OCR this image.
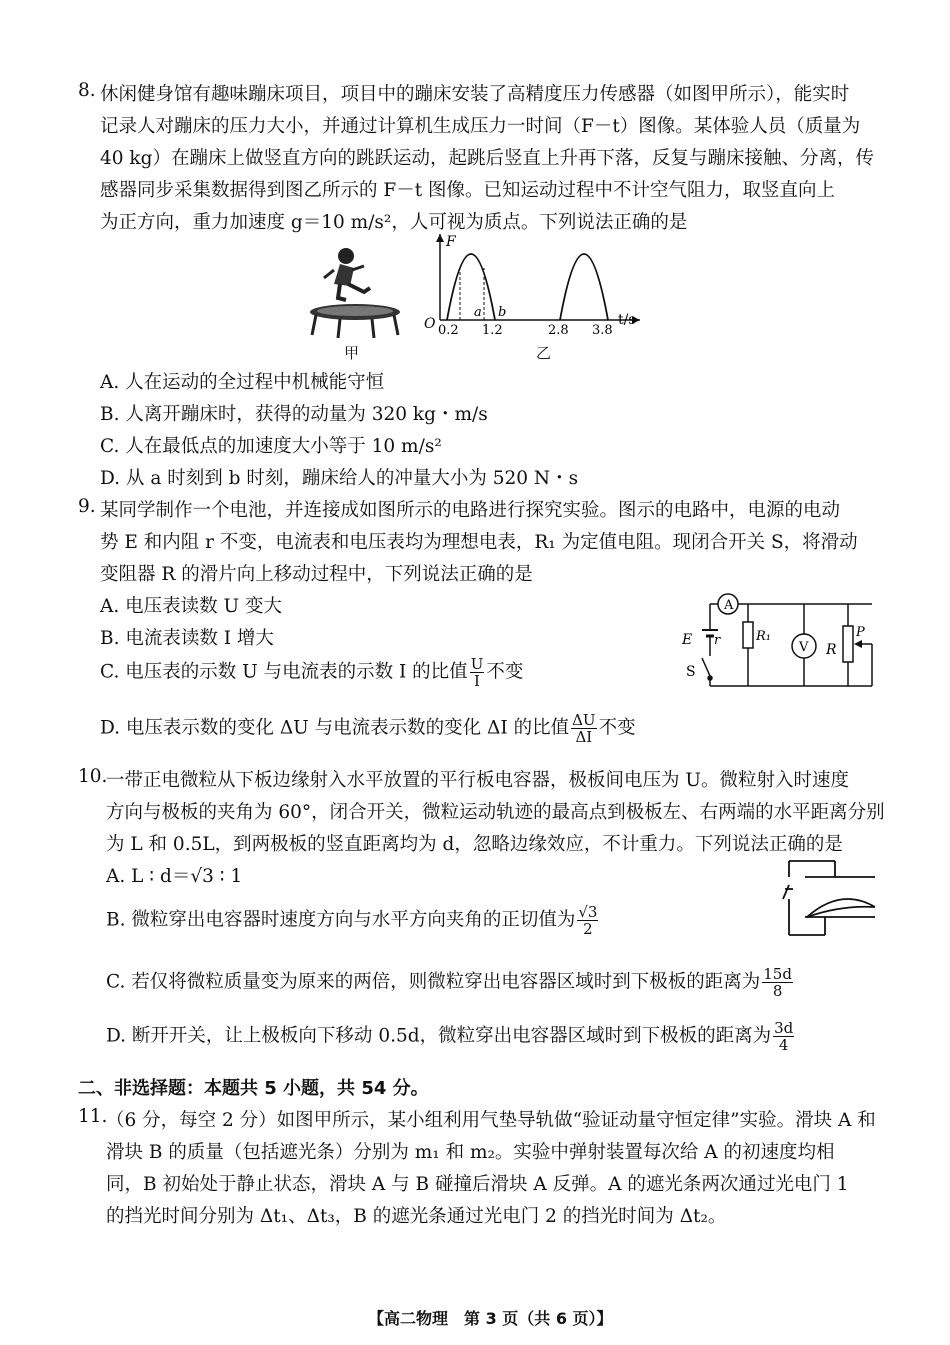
8. 休闲健身馆有趣味蹦床项目，项目中的蹦床安装了高精度压力传感器（如图甲所示），能实时
记录人对蹦床的压力大小，并通过计算机生成压力一时间（F－t）图像。某体验人员（质量为
40 kg）在蹦床上做竖直方向的跳跃运动，起跳后竖直上升再下落，反复与蹦床接触、分离，传
感器同步采集数据得到图乙所示的 F－t 图像。已知运动过程中不计空气阻力，取竖直向上
为正方向，重力加速度 g＝10 m/s²，人可视为质点。下列说法正确的是
甲
F
O	t/s
a b
0.2 1.2	2.8 3.8
乙
A. 人在运动的全过程中机械能守恒
B. 人离开蹦床时，获得的动量为 320 kg・m/s
C. 人在最低点的加速度大小等于 10 m/s²
D. 从 a 时刻到 b 时刻，蹦床给人的冲量大小为 520 N・s
9. 某同学制作一个电池，并连接成如图所示的电路进行探究实验。图示的电路中，电源的电动
势 E 和内阻 r 不变，电流表和电压表均为理想电表，R₁ 为定值电阻。现闭合开关 S，将滑动
变阻器 R 的滑片向上移动过程中，下列说法正确的是
A. 电压表读数 U 变大
B. 电流表读数 I 增大
C. 电压表的示数 U 与电流表的示数 I 的比值 $\frac{U}{I}$ 不变
D. 电压表示数的变化 ΔU 与电流表示数的变化 ΔI 的比值 $\frac{\Delta U}{\Delta I}$ 不变
A
V
E r	R₁
R
P
S
10.
一带正电微粒从下板边缘射入水平放置的平行板电容器，极板间电压为 U。微粒射入时速度
方向与极板的夹角为 60°，闭合开关，微粒运动轨迹的最高点到极板左、右两端的水平距离分别
为 L 和 0.5L，到两极板的竖直距离均为 d，忽略边缘效应，不计重力。下列说法正确的是
A. L ∶ d＝√3 ∶ 1
B. 微粒穿出电容器时速度方向与水平方向夹角的正切值为 $\frac{√3}{2}$
C. 若仅将微粒质量变为原来的两倍，则微粒穿出电容器区域时到下极板的距离为 $\frac{15d}{8}$
D. 断开开关，让上极板向下移动 0.5d，微粒穿出电容器区域时到下极板的距离为 $\frac{3d}{4}$
二、非选择题：本题共 5 小题，共 54 分。
11.
（6 分，每空 2 分）如图甲所示，某小组利用气垫导轨做“验证动量守恒定律”实验。滑块 A 和
滑块 B 的质量（包括遮光条）分别为 m₁ 和 m₂。实验中弹射装置每次给 A 的初速度均相
同，B 初始处于静止状态，滑块 A 与 B 碰撞后滑块 A 反弹。A 的遮光条两次通过光电门 1
的挡光时间分别为 Δt₁、Δt₃，B 的遮光条通过光电门 2 的挡光时间为 Δt₂。
【高二物理　第 3 页（共 6 页）】
